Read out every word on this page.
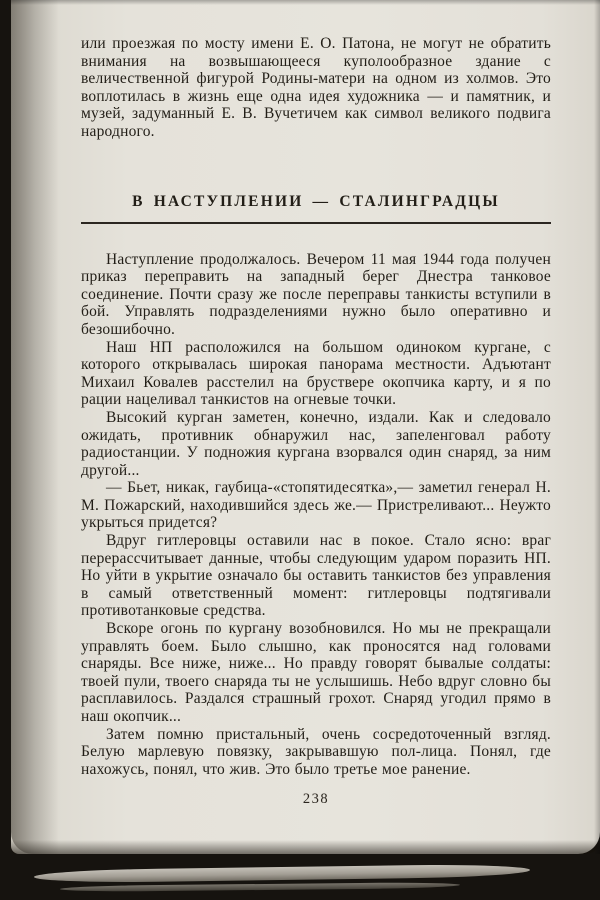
или проезжая по мосту имени Е. О. Патона, не могут не обратить внимания на возвышающееся куполообразное здание с величественной фигурой Родины-матери на одном из холмов. Это воплотилась в жизнь еще одна идея художника — и памятник, и музей, задуманный Е. В. Вучетичем как символ великого подвига народного.

В НАСТУПЛЕНИИ — СТАЛИНГРАДЦЫ

Наступление продолжалось. Вечером 11 мая 1944 года получен приказ переправить на западный берег Днестра танковое соединение. Почти сразу же после переправы танкисты вступили в бой. Управлять подразделениями нужно было оперативно и безошибочно.

Наш НП расположился на большом одиноком кургане, с которого открывалась широкая панорама местности. Адъютант Михаил Ковалев расстелил на бруствере окопчика карту, и я по рации нацеливал танкистов на огневые точки.

Высокий курган заметен, конечно, издали. Как и следовало ожидать, противник обнаружил нас, запеленговал работу радиостанции. У подножия кургана взорвался один снаряд, за ним другой...

— Бьет, никак, гаубица-«стопятидесятка»,— заметил генерал Н. М. Пожарский, находившийся здесь же.— Пристреливают... Неужто укрыться придется?

Вдруг гитлеровцы оставили нас в покое. Стало ясно: враг перерассчитывает данные, чтобы следующим ударом поразить НП. Но уйти в укрытие означало бы оставить танкистов без управления в самый ответственный момент: гитлеровцы подтягивали противотанковые средства.

Вскоре огонь по кургану возобновился. Но мы не прекращали управлять боем. Было слышно, как проносятся над головами снаряды. Все ниже, ниже... Но правду говорят бывалые солдаты: твоей пули, твоего снаряда ты не услышишь. Небо вдруг словно бы расплавилось. Раздался страшный грохот. Снаряд угодил прямо в наш окопчик...

Затем помню пристальный, очень сосредоточенный взгляд. Белую марлевую повязку, закрывавшую пол-лица. Понял, где нахожусь, понял, что жив. Это было третье мое ранение.

238
